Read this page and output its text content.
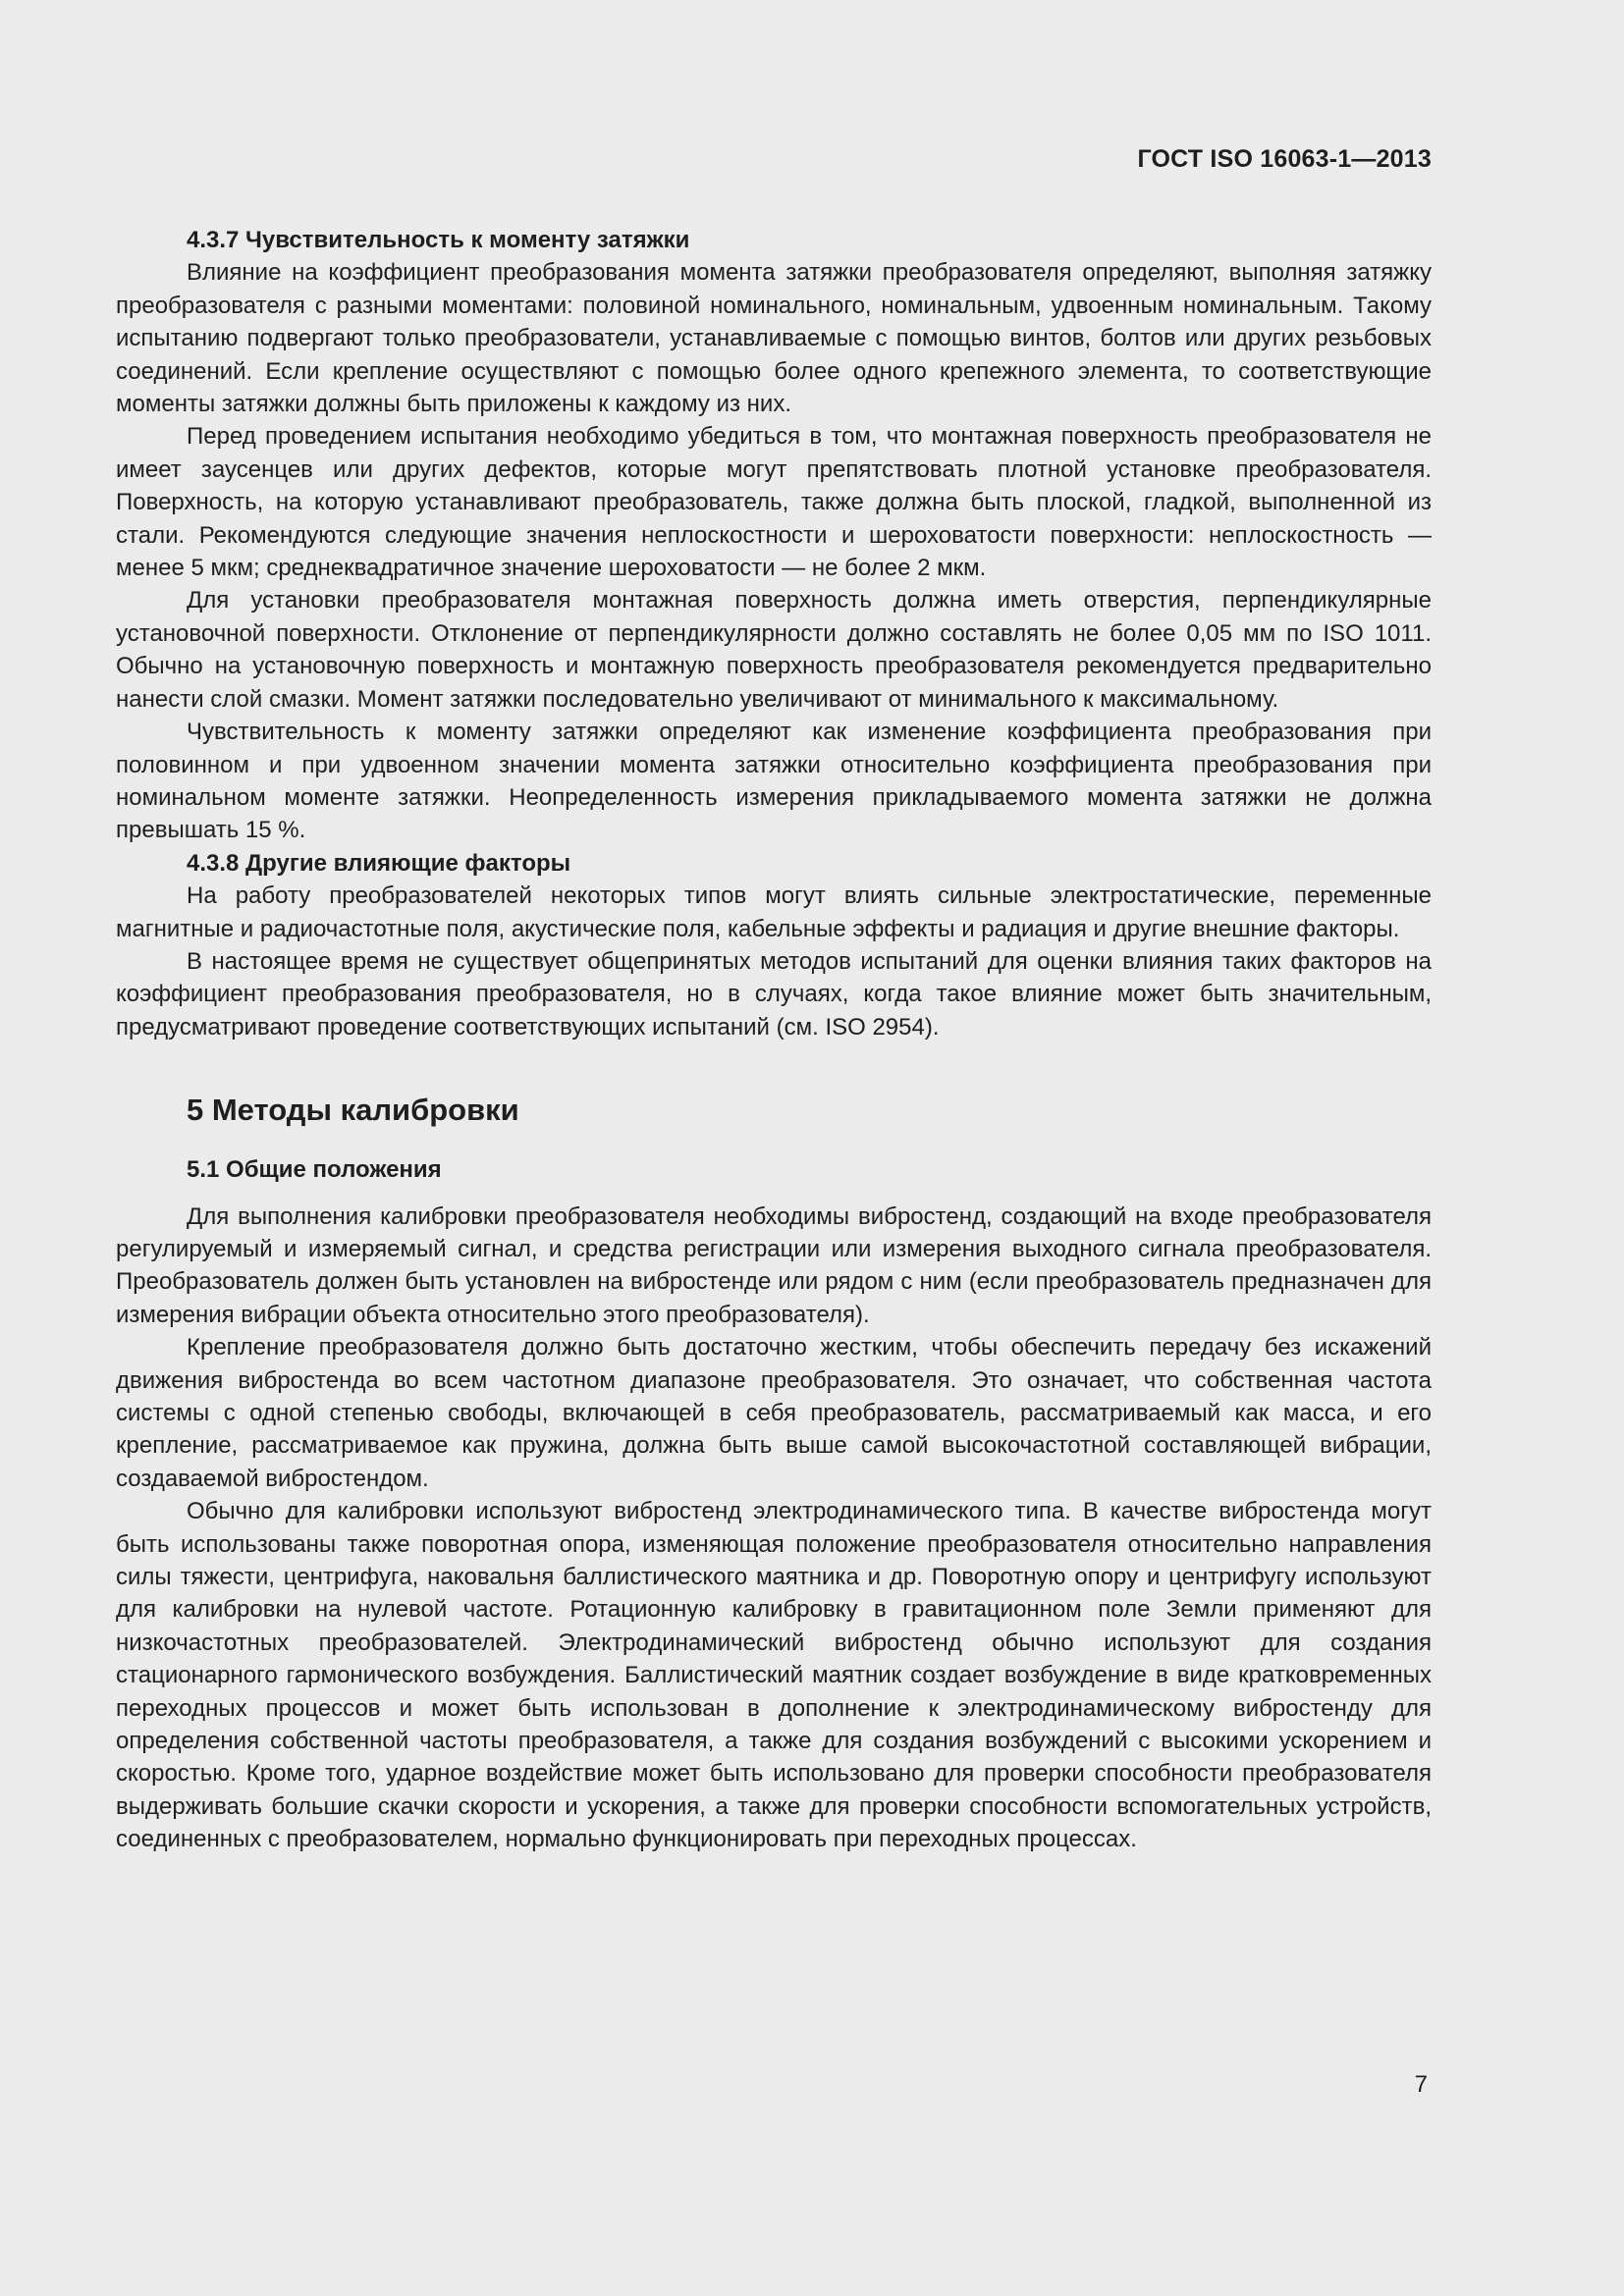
ГОСТ ISO 16063-1—2013
4.3.7 Чувствительность к моменту затяжки

Влияние на коэффициент преобразования момента затяжки преобразователя определяют, выполняя затяжку преобразователя с разными моментами: половиной номинального, номинальным, удвоенным номинальным. Такому испытанию подвергают только преобразователи, устанавливаемые с помощью винтов, болтов или других резьбовых соединений. Если крепление осуществляют с помощью более одного крепежного элемента, то соответствующие моменты затяжки должны быть приложены к каждому из них.

Перед проведением испытания необходимо убедиться в том, что монтажная поверхность преобразователя не имеет заусенцев или других дефектов, которые могут препятствовать плотной установке преобразователя. Поверхность, на которую устанавливают преобразователь, также должна быть плоской, гладкой, выполненной из стали. Рекомендуются следующие значения неплоскостности и шероховатости поверхности: неплоскостность — менее 5 мкм; среднеквадратичное значение шероховатости — не более 2 мкм.

Для установки преобразователя монтажная поверхность должна иметь отверстия, перпендикулярные установочной поверхности. Отклонение от перпендикулярности должно составлять не более 0,05 мм по ISO 1011. Обычно на установочную поверхность и монтажную поверхность преобразователя рекомендуется предварительно нанести слой смазки. Момент затяжки последовательно увеличивают от минимального к максимальному.

Чувствительность к моменту затяжки определяют как изменение коэффициента преобразования при половинном и при удвоенном значении момента затяжки относительно коэффициента преобразования при номинальном моменте затяжки. Неопределенность измерения прикладываемого момента затяжки не должна превышать 15 %.

4.3.8 Другие влияющие факторы

На работу преобразователей некоторых типов могут влиять сильные электростатические, переменные магнитные и радиочастотные поля, акустические поля, кабельные эффекты и радиация и другие внешние факторы.

В настоящее время не существует общепринятых методов испытаний для оценки влияния таких факторов на коэффициент преобразования преобразователя, но в случаях, когда такое влияние может быть значительным, предусматривают проведение соответствующих испытаний (см. ISO 2954).

5 Методы калибровки
5.1 Общие положения

Для выполнения калибровки преобразователя необходимы вибростенд, создающий на входе преобразователя регулируемый и измеряемый сигнал, и средства регистрации или измерения выходного сигнала преобразователя. Преобразователь должен быть установлен на вибростенде или рядом с ним (если преобразователь предназначен для измерения вибрации объекта относительно этого преобразователя).

Крепление преобразователя должно быть достаточно жестким, чтобы обеспечить передачу без искажений движения вибростенда во всем частотном диапазоне преобразователя. Это означает, что собственная частота системы с одной степенью свободы, включающей в себя преобразователь, рассматриваемый как масса, и его крепление, рассматриваемое как пружина, должна быть выше самой высокочастотной составляющей вибрации, создаваемой вибростендом.

Обычно для калибровки используют вибростенд электродинамического типа. В качестве вибростенда могут быть использованы также поворотная опора, изменяющая положение преобразователя относительно направления силы тяжести, центрифуга, наковальня баллистического маятника и др. Поворотную опору и центрифугу используют для калибровки на нулевой частоте. Ротационную калибровку в гравитационном поле Земли применяют для низкочастотных преобразователей. Электродинамический вибростенд обычно используют для создания стационарного гармонического возбуждения. Баллистический маятник создает возбуждение в виде кратковременных переходных процессов и может быть использован в дополнение к электродинамическому вибростенду для определения собственной частоты преобразователя, а также для создания возбуждений с высокими ускорением и скоростью. Кроме того, ударное воздействие может быть использовано для проверки способности преобразователя выдерживать большие скачки скорости и ускорения, а также для проверки способности вспомогательных устройств, соединенных с преобразователем, нормально функционировать при переходных процессах.

7
